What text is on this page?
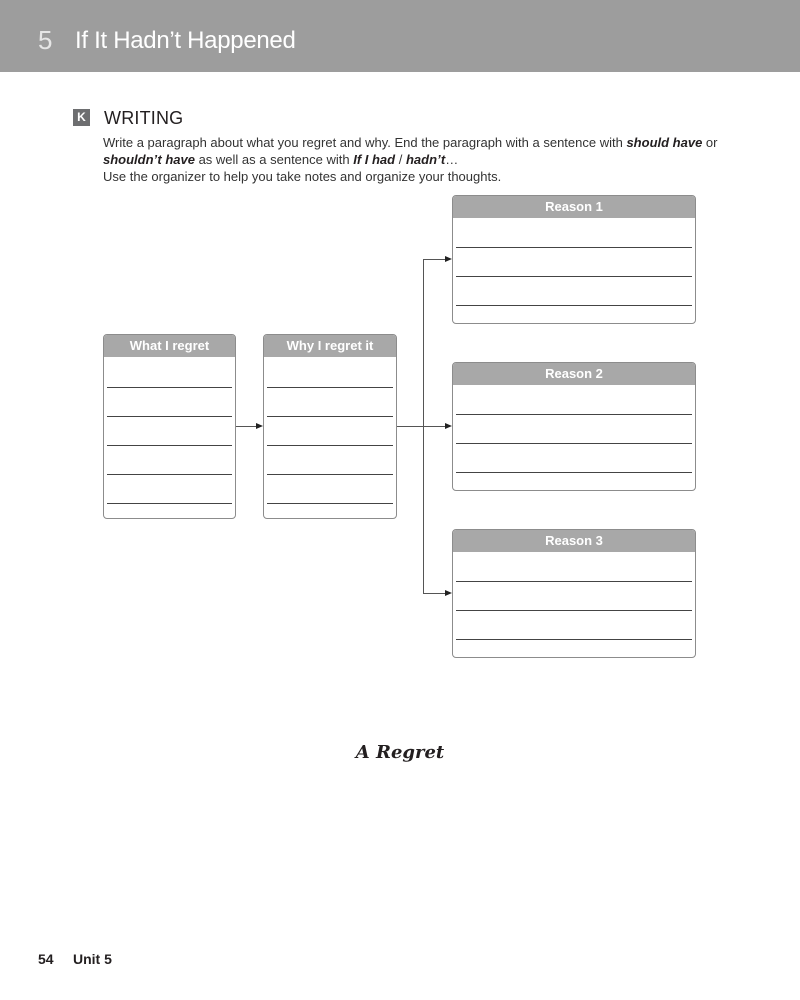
5 If It Hadn’t Happened
K WRITING
Write a paragraph about what you regret and why. End the paragraph with a sentence with should have or shouldn’t have as well as a sentence with If I had / hadn’t…
Use the organizer to help you take notes and organize your thoughts.
What I regret	Why I regret it
Reason 1
Reason 2
Reason 3
A Regret
54 Unit 5
